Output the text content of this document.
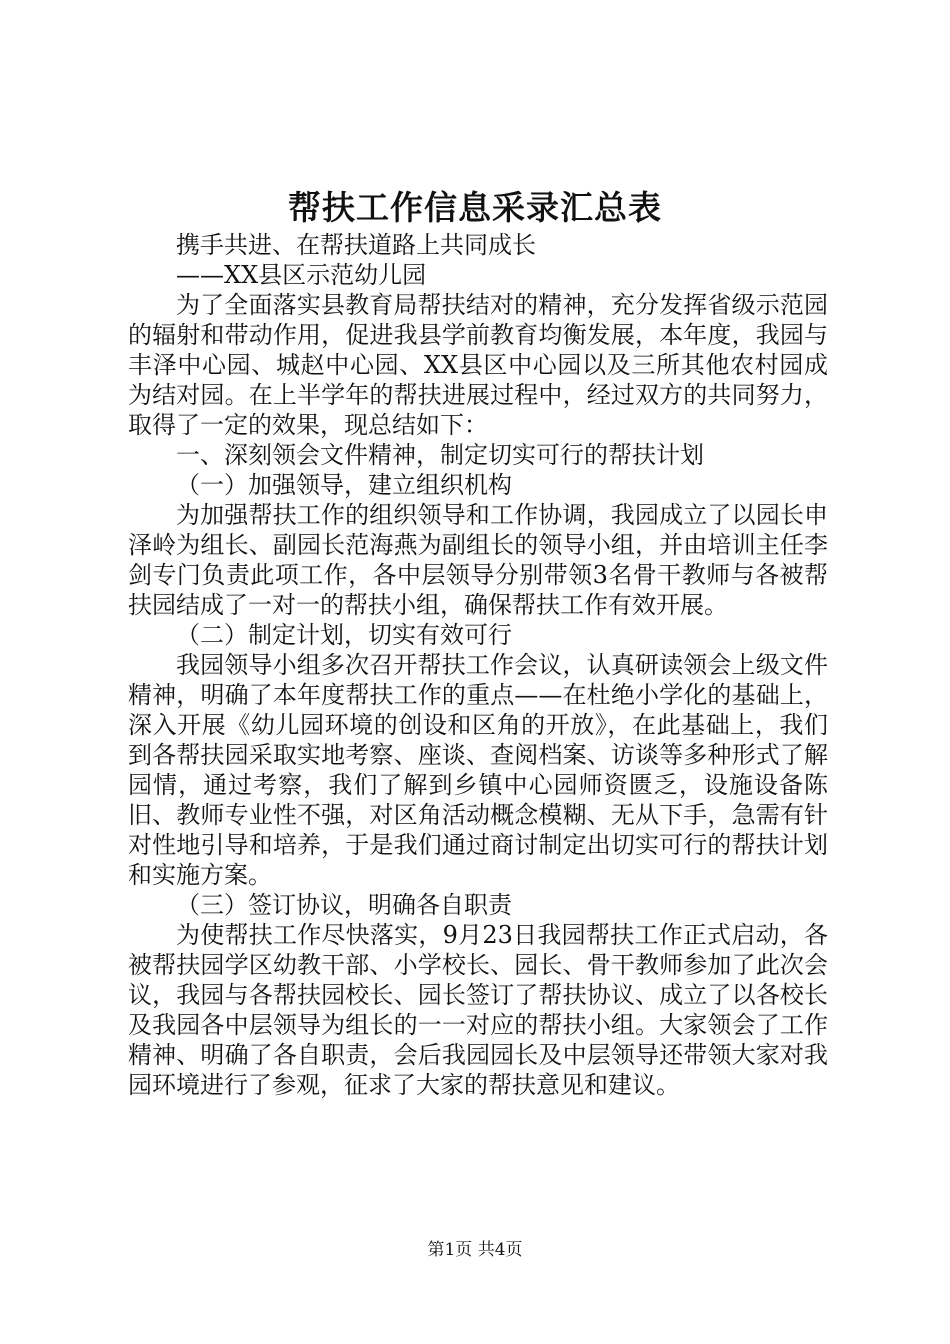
帮扶工作信息采录汇总表

携手共进、在帮扶道路上共同成长

——XX县区示范幼儿园

为了全面落实县教育局帮扶结对的精神，充分发挥省级示范园的辐射和带动作用，促进我县学前教育均衡发展，本年度，我园与丰泽中心园、城赵中心园、XX县区中心园以及三所其他农村园成为结对园。在上半学年的帮扶进展过程中，经过双方的共同努力，取得了一定的效果，现总结如下：

一、深刻领会文件精神，制定切实可行的帮扶计划

（一）加强领导，建立组织机构

为加强帮扶工作的组织领导和工作协调，我园成立了以园长申泽岭为组长、副园长范海燕为副组长的领导小组，并由培训主任李剑专门负责此项工作，各中层领导分别带领3名骨干教师与各被帮扶园结成了一对一的帮扶小组，确保帮扶工作有效开展。

（二）制定计划，切实有效可行

我园领导小组多次召开帮扶工作会议，认真研读领会上级文件精神，明确了本年度帮扶工作的重点——在杜绝小学化的基础上，深入开展《幼儿园环境的创设和区角的开放》，在此基础上，我们到各帮扶园采取实地考察、座谈、查阅档案、访谈等多种形式了解园情，通过考察，我们了解到乡镇中心园师资匮乏，设施设备陈旧、教师专业性不强，对区角活动概念模糊、无从下手，急需有针对性地引导和培养，于是我们通过商讨制定出切实可行的帮扶计划和实施方案。

（三）签订协议，明确各自职责

为使帮扶工作尽快落实，9月23日我园帮扶工作正式启动，各被帮扶园学区幼教干部、小学校长、园长、骨干教师参加了此次会议，我园与各帮扶园校长、园长签订了帮扶协议、成立了以各校长及我园各中层领导为组长的一一对应的帮扶小组。大家领会了工作精神、明确了各自职责，会后我园园长及中层领导还带领大家对我园环境进行了参观，征求了大家的帮扶意见和建议。

第1页 共4页
